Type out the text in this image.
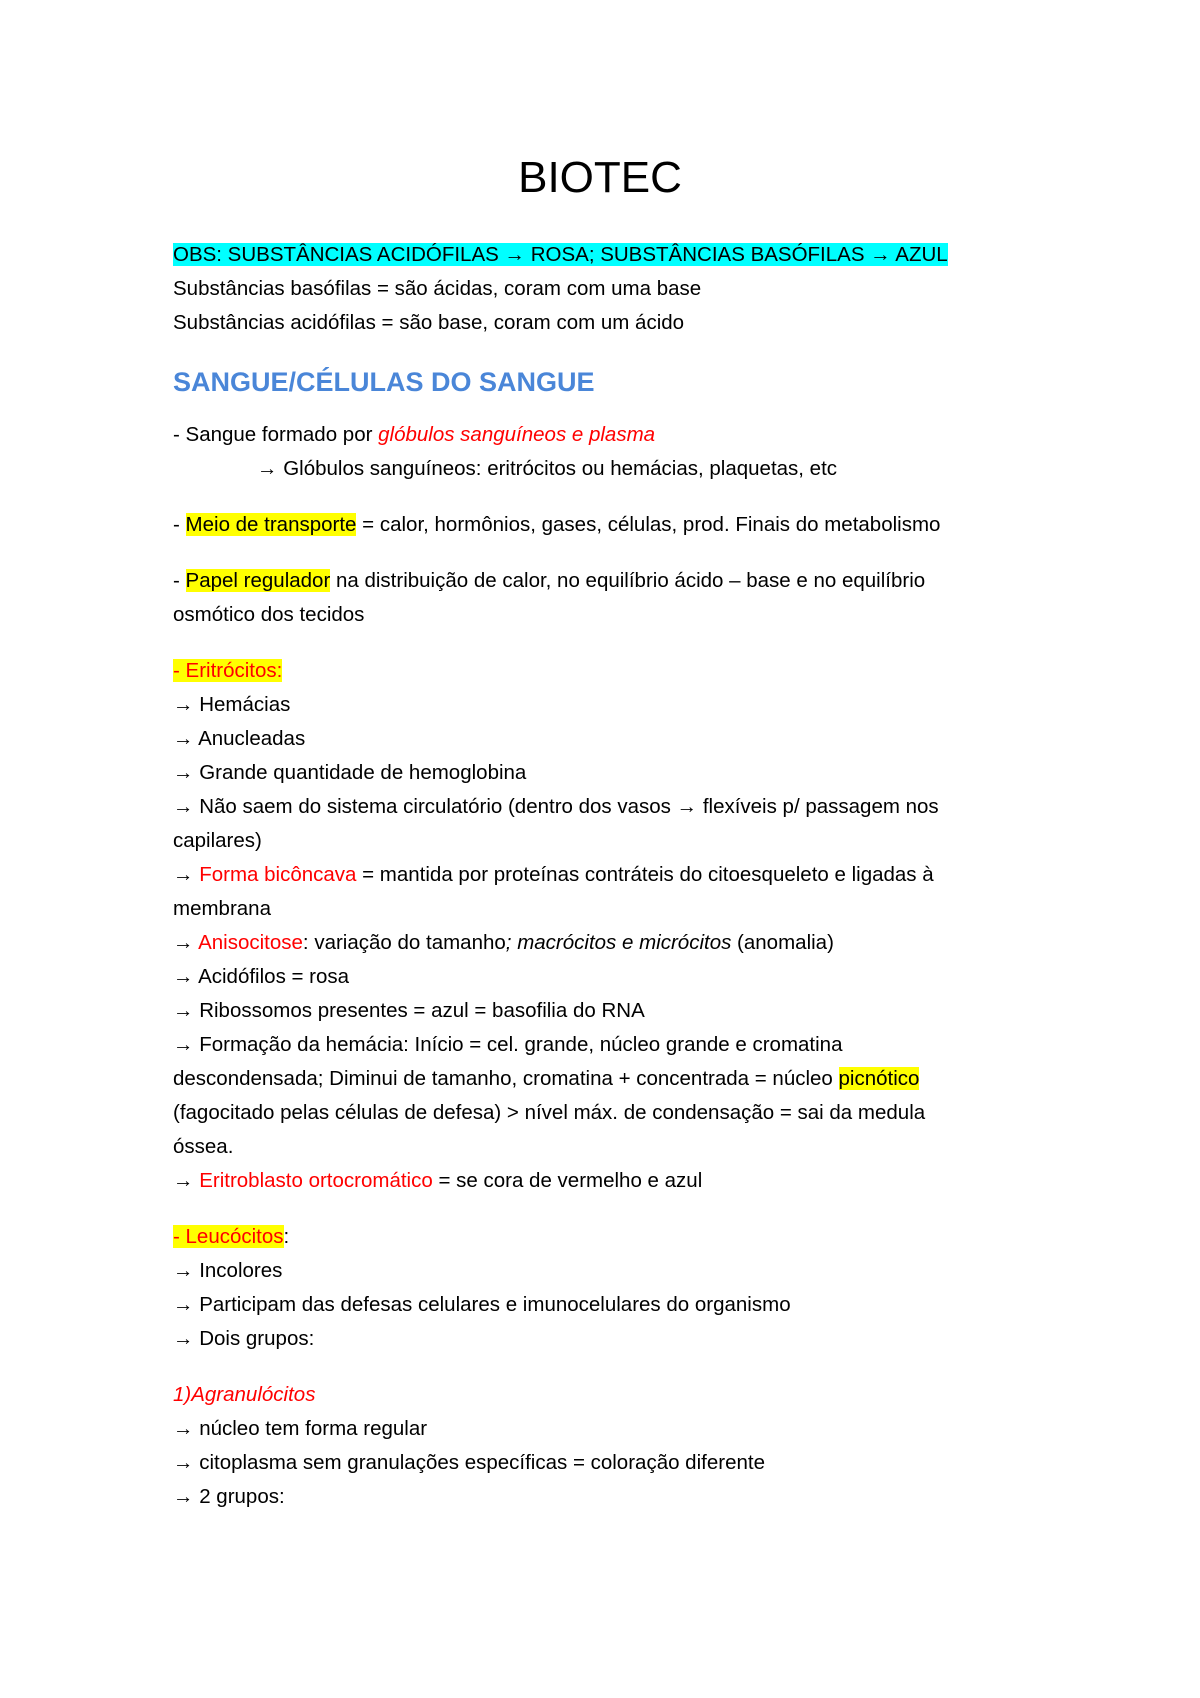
BIOTEC
OBS: SUBSTÂNCIAS ACIDÓFILAS → ROSA; SUBSTÂNCIAS BASÓFILAS → AZUL
Substâncias basófilas = são ácidas, coram com uma base
Substâncias acidófilas = são base, coram com um ácido
SANGUE/CÉLULAS DO SANGUE
- Sangue formado por glóbulos sanguíneos e plasma
→ Glóbulos sanguíneos: eritrócitos ou hemácias, plaquetas, etc
- Meio de transporte = calor, hormônios, gases, células, prod. Finais do metabolismo
- Papel regulador na distribuição de calor, no equilíbrio ácido – base e no equilíbrio
osmótico dos tecidos
- Eritrócitos:
→ Hemácias
→ Anucleadas
→ Grande quantidade de hemoglobina
→ Não saem do sistema circulatório (dentro dos vasos → flexíveis p/ passagem nos
capilares)
→ Forma bicôncava = mantida por proteínas contráteis do citoesqueleto e ligadas à
membrana
→ Anisocitose: variação do tamanho; macrócitos e micrócitos (anomalia)
→ Acidófilos = rosa
→ Ribossomos presentes = azul = basofilia do RNA
→ Formação da hemácia: Início = cel. grande, núcleo grande e cromatina
descondensada; Diminui de tamanho, cromatina + concentrada = núcleo picnótico
(fagocitado pelas células de defesa) > nível máx. de condensação = sai da medula
óssea.
→ Eritroblasto ortocromático = se cora de vermelho e azul
- Leucócitos:
→ Incolores
→ Participam das defesas celulares e imunocelulares do organismo
→ Dois grupos:
1)Agranulócitos
→ núcleo tem forma regular
→ citoplasma sem granulações específicas = coloração diferente
→ 2 grupos:
